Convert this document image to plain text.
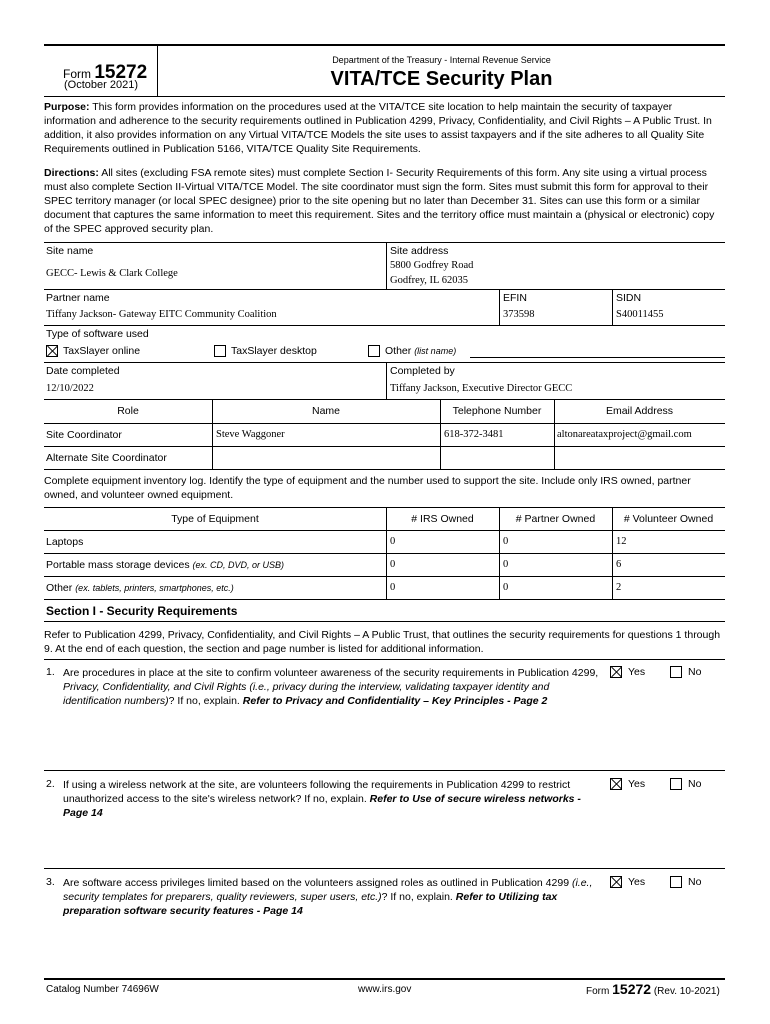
Form 15272
(October 2021)
Department of the Treasury - Internal Revenue Service
VITA/TCE Security Plan
Purpose: This form provides information on the procedures used at the VITA/TCE site location to help maintain the security of taxpayer information and adherence to the security requirements outlined in Publication 4299, Privacy, Confidentiality, and Civil Rights – A Public Trust. In addition, it also provides information on any Virtual VITA/TCE Models the site uses to assist taxpayers and if the site adheres to all Quality Site Requirements outlined in Publication 5166, VITA/TCE Quality Site Requirements.
Directions: All sites (excluding FSA remote sites) must complete Section I- Security Requirements of this form. Any site using a virtual process must also complete Section II-Virtual VITA/TCE Model. The site coordinator must sign the form. Sites must submit this form for approval to their SPEC territory manager (or local SPEC designee) prior to the site opening but no later than December 31. Sites can use this form or a similar document that captures the same information to meet this requirement. Sites and the territory office must maintain a (physical or electronic) copy of the SPEC approved security plan.
Site name
GECC- Lewis & Clark College
Site address
5800 Godfrey Road
Godfrey, IL 62035
Partner name
Tiffany Jackson- Gateway EITC Community Coalition
EFIN
373598
SIDN
S40011455
Type of software used
TaxSlayer online	TaxSlayer desktop	Other (list name)
Date completed
12/10/2022
Completed by
Tiffany Jackson, Executive Director GECC
Role	Name	Telephone Number	Email Address
Site Coordinator	Steve Waggoner	618-372-3481	altonareataxproject@gmail.com
Alternate Site Coordinator
Complete equipment inventory log. Identify the type of equipment and the number used to support the site. Include only IRS owned, partner owned, and volunteer owned equipment.
Type of Equipment	# IRS Owned	# Partner Owned	# Volunteer Owned
Laptops	0	0	12
Portable mass storage devices (ex. CD, DVD, or USB)	0	0	6
Other (ex. tablets, printers, smartphones, etc.)	0	0	2
Section I - Security Requirements
Refer to Publication 4299, Privacy, Confidentiality, and Civil Rights – A Public Trust, that outlines the security requirements for questions 1 through 9. At the end of each question, the section and page number is listed for additional information.
1. Are procedures in place at the site to confirm volunteer awareness of the security requirements in Publication 4299, Privacy, Confidentiality, and Civil Rights (i.e., privacy during the interview, validating taxpayer identity and identification numbers)? If no, explain. Refer to Privacy and Confidentiality – Key Principles - Page 2
Yes	No
2. If using a wireless network at the site, are volunteers following the requirements in Publication 4299 to restrict unauthorized access to the site's wireless network? If no, explain. Refer to Use of secure wireless networks - Page 14
Yes	No
3. Are software access privileges limited based on the volunteers assigned roles as outlined in Publication 4299 (i.e., security templates for preparers, quality reviewers, super users, etc.)? If no, explain. Refer to Utilizing tax preparation software security features - Page 14
Yes	No
Catalog Number 74696W	www.irs.gov	Form 15272 (Rev. 10-2021)
